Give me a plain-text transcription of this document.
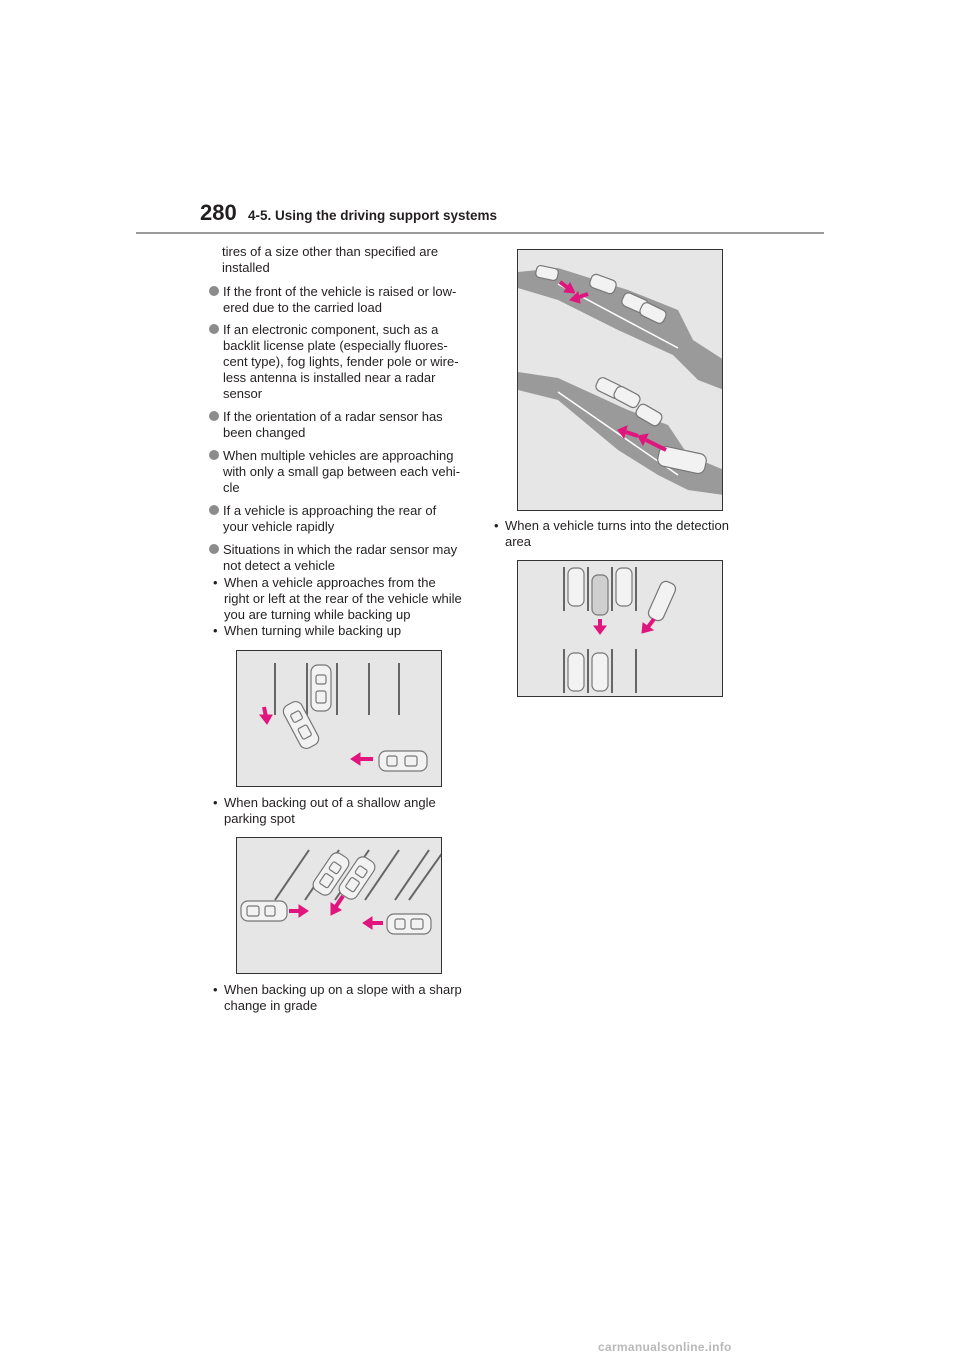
280 4-5. Using the driving support systems
tires of a size other than specified are
installed
If the front of the vehicle is raised or low-
ered due to the carried load
If an electronic component, such as a
backlit license plate (especially fluores-
cent type), fog lights, fender pole or wire-
less antenna is installed near a radar
sensor
If the orientation of a radar sensor has
been changed
When multiple vehicles are approaching
with only a small gap between each vehi-
cle
If a vehicle is approaching the rear of
your vehicle rapidly
Situations in which the radar sensor may
not detect a vehicle
• When a vehicle approaches from the
right or left at the rear of the vehicle while
you are turning while backing up
• When turning while backing up
• When backing out of a shallow angle
parking spot
• When backing up on a slope with a sharp
change in grade
• When a vehicle turns into the detection
area
carmanualsonline.info
